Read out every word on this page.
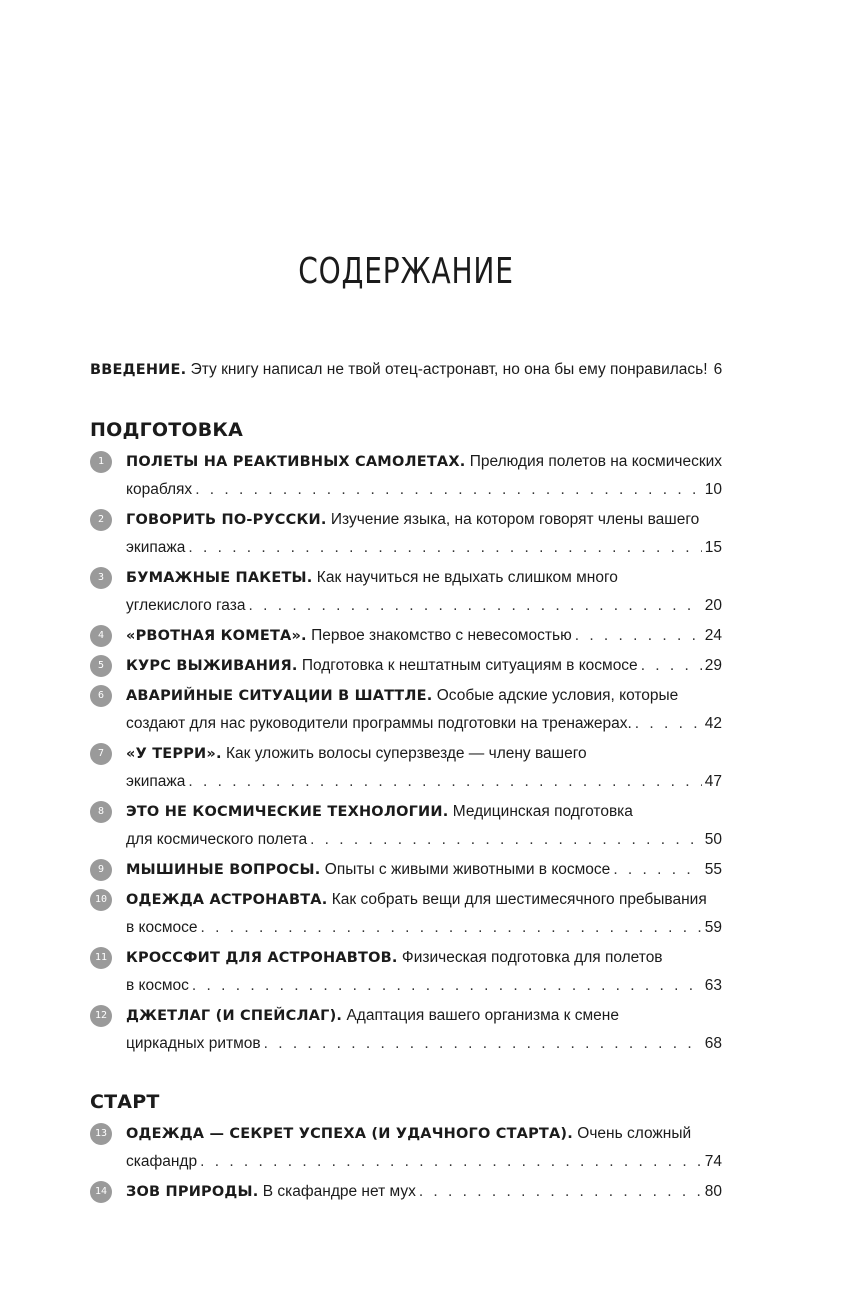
СОДЕРЖАНИЕ
ВВЕДЕНИЕ. Эту книгу написал не твой отец-астронавт, но она бы ему понравилась! 6
ПОДГОТОВКА
1	ПОЛЕТЫ НА РЕАКТИВНЫХ САМОЛЕТАХ. Прелюдия полетов на космических
кораблях . . .	10
2	ГОВОРИТЬ ПО-РУССКИ. Изучение языка, на котором говорят члены вашего
экипажа . . .	15
3	БУМАЖНЫЕ ПАКЕТЫ. Как научиться не вдыхать слишком много
углекислого газа . . .	20
4	«РВОТНАЯ КОМЕТА». Первое знакомство с невесомостью . . .	24
5	КУРС ВЫЖИВАНИЯ. Подготовка к нештатным ситуациям в космосе . . .	29
6	АВАРИЙНЫЕ СИТУАЦИИ В ШАТТЛЕ. Особые адские условия, которые
создают для нас руководители программы подготовки на тренажерах. . . .	42
7	«У ТЕРРИ». Как уложить волосы суперзвезде — члену вашего
экипажа . . .	47
8	ЭТО НЕ КОСМИЧЕСКИЕ ТЕХНОЛОГИИ. Медицинская подготовка
для космического полета . . .	50
9	МЫШИНЫЕ ВОПРОСЫ. Опыты с живыми животными в космосе . . .	55
10	ОДЕЖДА АСТРОНАВТА. Как собрать вещи для шестимесячного пребывания
в космосе . . .	59
11	КРОССФИТ ДЛЯ АСТРОНАВТОВ. Физическая подготовка для полетов
в космос . . .	63
12	ДЖЕТЛАГ (И СПЕЙСЛАГ). Адаптация вашего организма к смене
циркадных ритмов . . .	68
СТАРТ
13	ОДЕЖДА — СЕКРЕТ УСПЕХА (И УДАЧНОГО СТАРТА). Очень сложный
скафандр . . .	74
14	ЗОВ ПРИРОДЫ. В скафандре нет мух . . .	80
